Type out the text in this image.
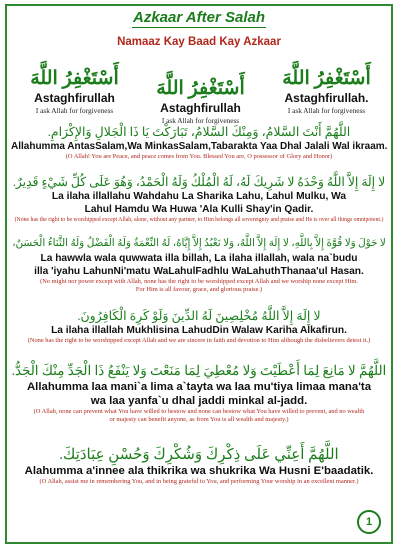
Azkaar After Salah
Namaaz Kay Baad Kay Azkaar
أَسْتَغْفِرُ اللَّهَ
Astaghfirullah
I ask Allah for forgiveness
أَسْتَغْفِرُ اللَّهَ
Astaghfirullah
I ask Allah for forgiveness
أَسْتَغْفِرُ اللَّهَ
Astaghfirullah.
I ask Allah for forgiveness
اللَّهُمَّ أَنْتَ السَّلامُ، وَمِنْكَ السَّلامُ، تَبَارَكْتَ يَا ذَا الْجَلالِ وَالإِكْرَامِ.
Allahumma AntasSalam,Wa MinkasSalam,Tabarakta Yaa Dhal Jalali Wal ikraam.
(O Allah! You are Peace, and peace comes from You. Blessed You are, O possessor of Glory and Honor)
لا إِلَهَ إِلاَّ اللَّهُ وَحْدَهُ لا شَرِيكَ لَهُ، لَهُ الْمُلْكُ وَلَهُ الْحَمْدُ، وَهُوَ عَلَى كُلِّ شَيْءٍ قَدِيرٌ.
La ilaha illallahu Wahdahu La Sharika Lahu, Lahul Mulku, Wa
Lahul Hamdu Wa Huwa 'Ala Kulli Shay'in Qadir.
(None has the right to be worshipped except Allah, alone, without any partner, to Him belongs all sovereignty and praise and He is over all things omnipotent.)
لا حَوْلَ وَلا قُوَّةَ إِلاَّ بِاللَّهِ، لا إِلَهَ إِلاَّ اللَّهُ، وَلا نَعْبُدُ إِلاَّ إِيَّاهُ، لَهُ النِّعْمَةُ وَلَهُ الْفَضْلُ وَلَهُ الثَّنَاءُ الْحَسَنُ،
La hawwla wala quwwata illa billah, La ilaha illallah, wala na`budu
illa 'iyahu LahunNi'matu WaLahulFadhlu WaLahuthThanaa'ul Hasan.
(No might nor power except with Allah, none has the right to be worshipped except Allah and we worship none except Him.
For Him is all favour, grace, and glorious praise.)
لا إِلَهَ إِلاَّ اللَّهُ مُخْلِصِينَ لَهُ الدِّينَ وَلَوْ كَرِهَ الْكَافِرُونَ.
La ilaha illallah Mukhlisina LahudDin Walaw Kariha Alkafirun.
(None has the right to be worshipped except Allah and we are sincere in faith and devotion to Him although the disbelievers detest it.)
اللَّهُمَّ لا مَانِعَ لِمَا أَعْطَيْتَ وَلا مُعْطِيَ لِمَا مَنَعْتَ وَلا يَنْفَعُ ذَا الْجَدِّ مِنْكَ الْجَدُّ.
Allahumma laa mani`a lima a`tayta wa laa mu'tiya limaa mana'ta
wa laa yanfa`u dhal jaddi minkal al-jadd.
(O Allah, none can prevent what You have willed to bestow and none can bestow what You have willed to prevent, and no wealth
or majesty can benefit anyone, as from You is all wealth and majesty.)
اللَّهُمَّ أَعِنِّي عَلَى ذِكْرِكَ وَشُكْرِكَ وَحُسْنِ عِبَادَتِكَ.
Alahumma a'innee ala thikrika wa shukrika Wa Husni E'baadatik.
(O Allah, assist me in remembering You, and in being grateful to You, and performing Your worship in an excellent manner.)
1
